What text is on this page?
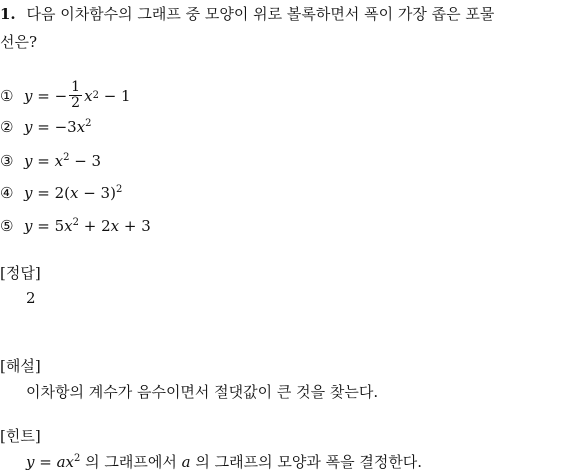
1. 다음 이차함수의 그래프 중 모양이 위로 볼록하면서 폭이 가장 좁은 포물
선은?
① y = − $\frac{1}{2}$ x 2 − 1
② $y = -3x^2$
③ $y = x^2 - 3$
④ $y = 2(x - 3)^2$
⑤ $y = 5x^2 + 2x + 3$
[정답]
2
[해설]
이차항의 계수가 음수이면서 절댓값이 큰 것을 찾는다.
[힌트]
$y = ax^2$ 의 그래프에서 a 의 그래프의 모양과 폭을 결정한다.
